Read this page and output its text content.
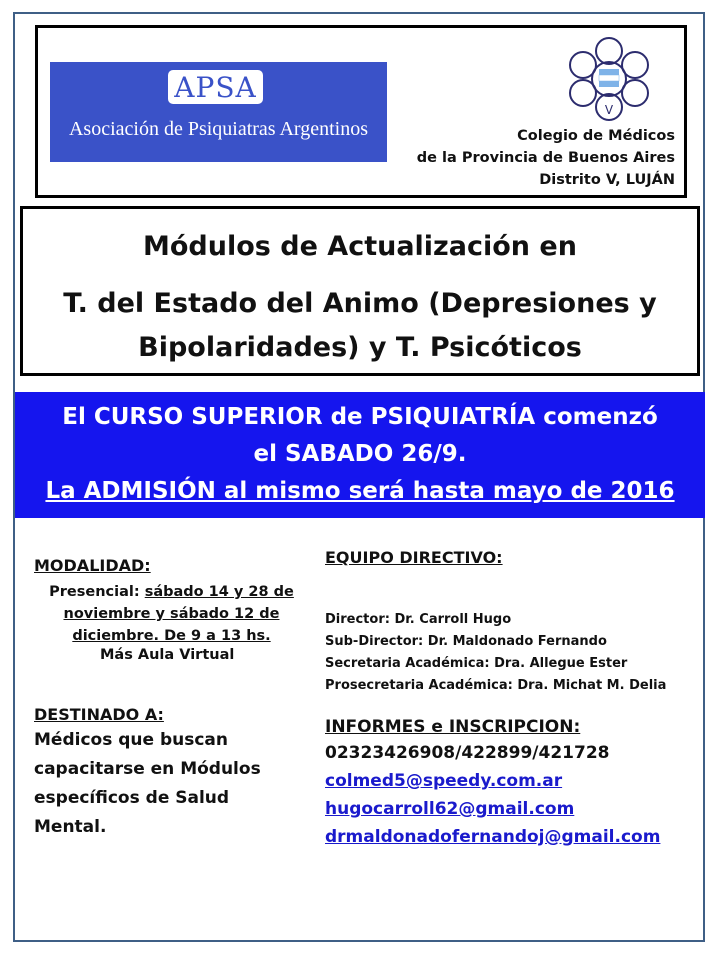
APSA
Asociación de Psiquiatras Argentinos
V
Colegio de Médicos
de la Provincia de Buenos Aires
Distrito V, LUJÁN
Módulos de Actualización en
T. del Estado del Animo (Depresiones y
Bipolaridades) y T. Psicóticos
El CURSO SUPERIOR de PSIQUIATRÍA comenzó
el SABADO 26/9.
La ADMISIÓN al mismo será hasta mayo de 2016
MODALIDAD:
Presencial: sábado 14 y 28 de
noviembre y sábado 12 de
diciembre. De 9 a 13 hs.
Más Aula Virtual
DESTINADO A:
Médicos que buscan
capacitarse en Módulos
específicos de Salud
Mental.
EQUIPO DIRECTIVO:
Director: Dr. Carroll Hugo
Sub-Director: Dr. Maldonado Fernando
Secretaria Académica: Dra. Allegue Ester
Prosecretaria Académica: Dra. Michat M. Delia
INFORMES e INSCRIPCION:
02323426908/422899/421728
colmed5@speedy.com.ar
hugocarroll62@gmail.com
drmaldonadofernandoj@gmail.com
